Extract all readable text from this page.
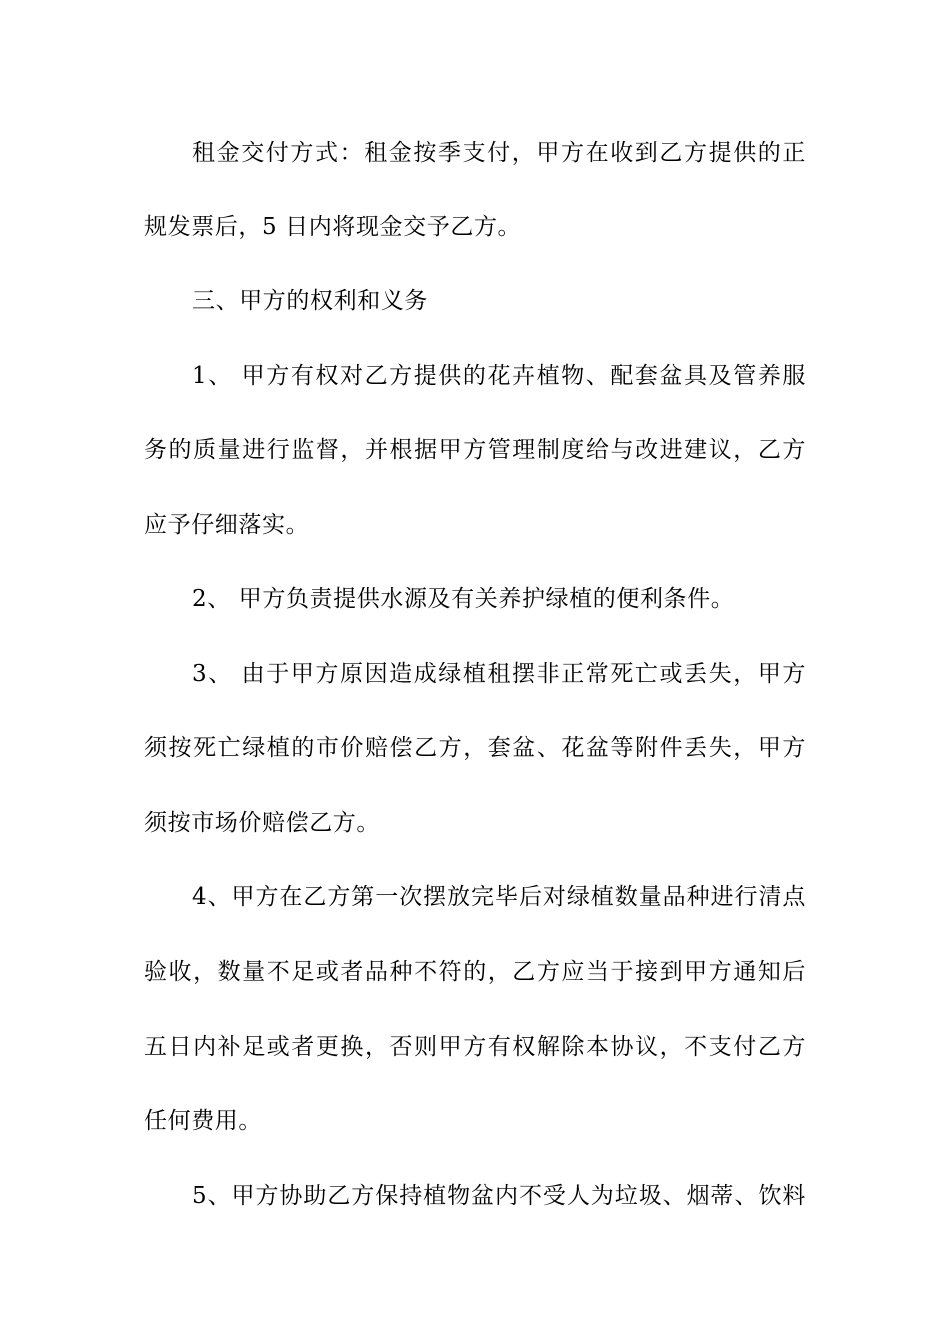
租金交付方式：租金按季支付，甲方在收到乙方提供的正
规发票后，5 日内将现金交予乙方。
三、甲方的权利和义务
1、 甲方有权对乙方提供的花卉植物、配套盆具及管养服
务的质量进行监督，并根据甲方管理制度给与改进建议，乙方
应予仔细落实。
2、 甲方负责提供水源及有关养护绿植的便利条件。
3、 由于甲方原因造成绿植租摆非正常死亡或丢失，甲方
须按死亡绿植的市价赔偿乙方，套盆、花盆等附件丢失，甲方
须按市场价赔偿乙方。
4、甲方在乙方第一次摆放完毕后对绿植数量品种进行清点
验收，数量不足或者品种不符的，乙方应当于接到甲方通知后
五日内补足或者更换，否则甲方有权解除本协议，不支付乙方
任何费用。
5、甲方协助乙方保持植物盆内不受人为垃圾、烟蒂、饮料
